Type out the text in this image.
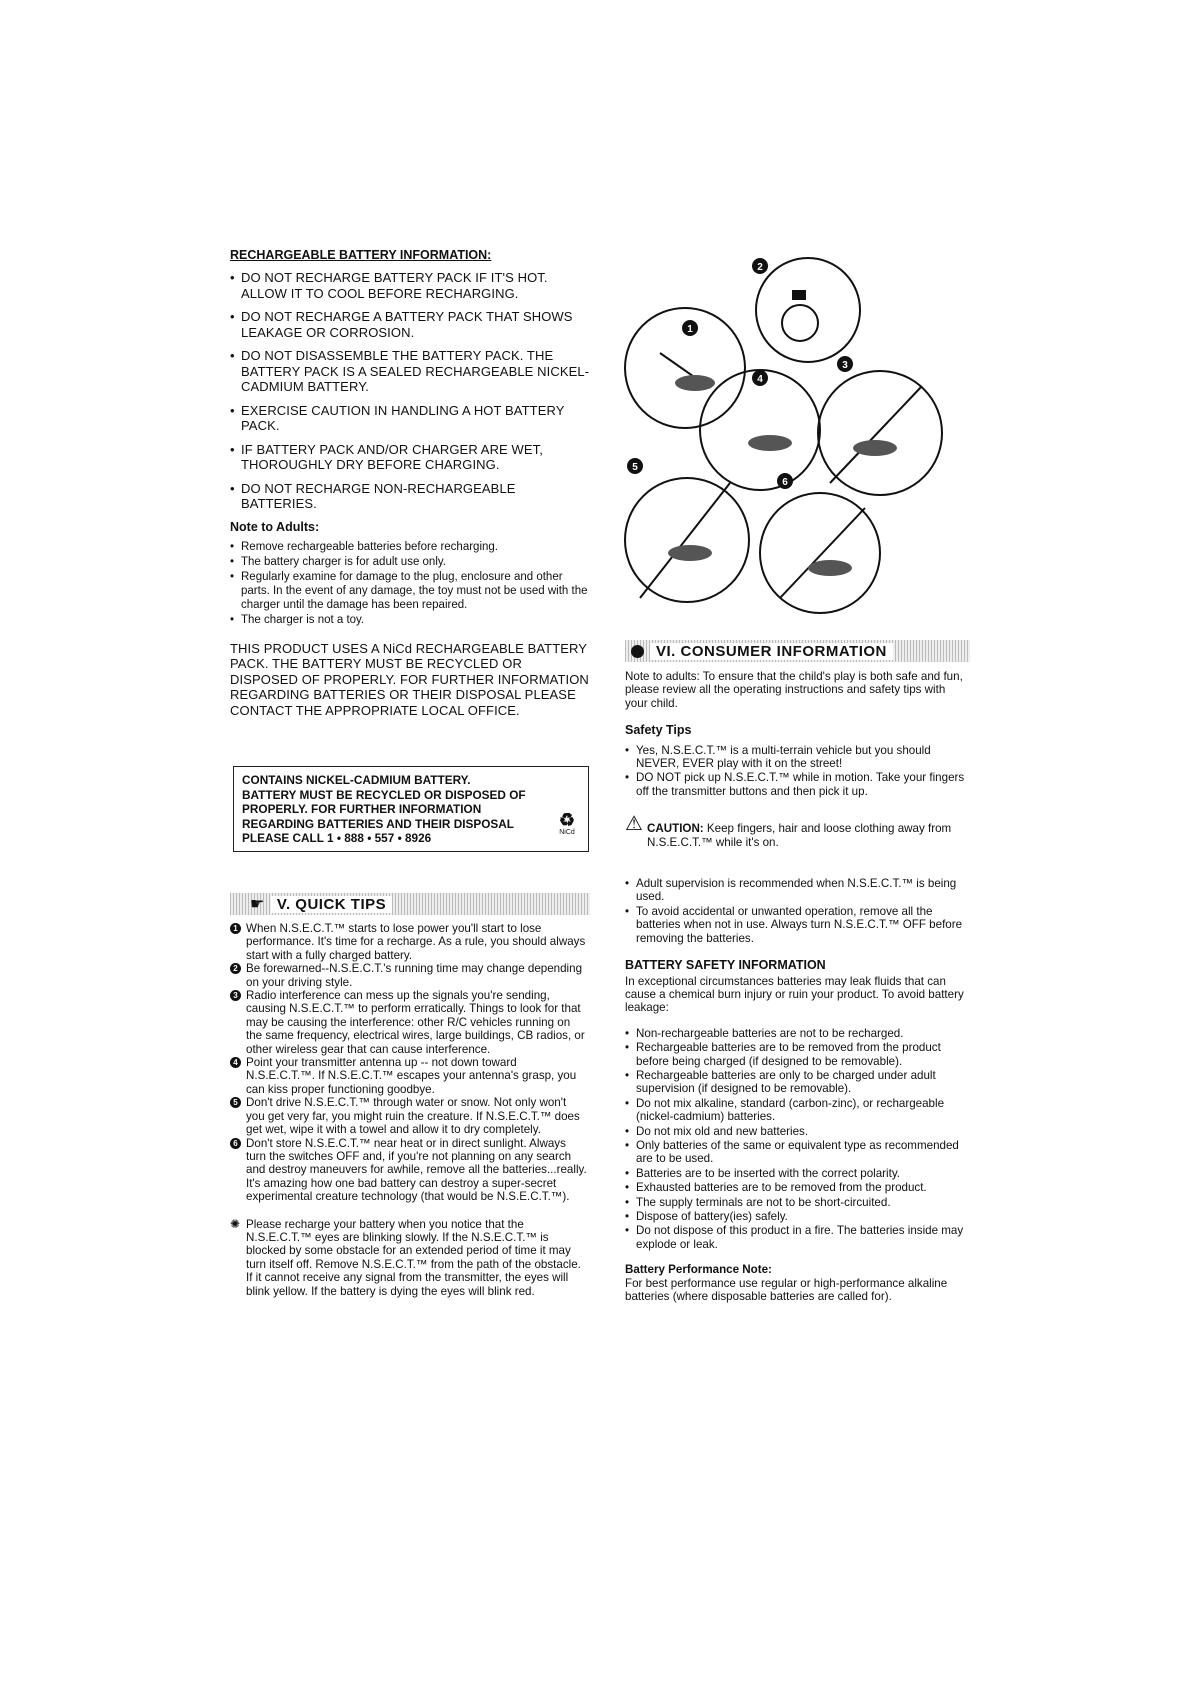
RECHARGEABLE BATTERY INFORMATION:
• DO NOT RECHARGE BATTERY PACK IF IT'S HOT. ALLOW IT TO COOL BEFORE RECHARGING.
• DO NOT RECHARGE A BATTERY PACK THAT SHOWS LEAKAGE OR CORROSION.
• DO NOT DISASSEMBLE THE BATTERY PACK. THE BATTERY PACK IS A SEALED RECHARGEABLE NICKEL-CADMIUM BATTERY.
• EXERCISE CAUTION IN HANDLING A HOT BATTERY PACK.
• IF BATTERY PACK AND/OR CHARGER ARE WET, THOROUGHLY DRY BEFORE CHARGING.
• DO NOT RECHARGE NON-RECHARGEABLE BATTERIES.
Note to Adults:
• Remove rechargeable batteries before recharging.
• The battery charger is for adult use only.
• Regularly examine for damage to the plug, enclosure and other parts. In the event of any damage, the toy must not be used with the charger until the damage has been repaired.
• The charger is not a toy.

THIS PRODUCT USES A NiCd RECHARGEABLE BATTERY PACK. THE BATTERY MUST BE RECYCLED OR DISPOSED OF PROPERLY. FOR FURTHER INFORMATION REGARDING BATTERIES OR THEIR DISPOSAL PLEASE CONTACT THE APPROPRIATE LOCAL OFFICE.

CONTAINS NICKEL-CADMIUM BATTERY.
BATTERY MUST BE RECYCLED OR DISPOSED OF
PROPERLY. FOR FURTHER INFORMATION
REGARDING BATTERIES AND THEIR DISPOSAL
PLEASE CALL 1 • 888 • 557 • 8926
♻
NiCd
☛ V. QUICK TIPS
1 When N.S.E.C.T.™ starts to lose power you'll start to lose performance. It's time for a recharge. As a rule, you should always start with a fully charged battery.
2 Be forewarned--N.S.E.C.T.'s running time may change depending on your driving style.
3 Radio interference can mess up the signals you're sending, causing N.S.E.C.T.™ to perform erratically. Things to look for that may be causing the interference: other R/C vehicles running on the same frequency, electrical wires, large buildings, CB radios, or other wireless gear that can cause interference.
4 Point your transmitter antenna up -- not down toward N.S.E.C.T.™. If N.S.E.C.T.™ escapes your antenna's grasp, you can kiss proper functioning goodbye.
5 Don't drive N.S.E.C.T.™ through water or snow. Not only won't you get very far, you might ruin the creature. If N.S.E.C.T.™ does get wet, wipe it with a towel and allow it to dry completely.
6 Don't store N.S.E.C.T.™ near heat or in direct sunlight. Always turn the switches OFF and, if you're not planning on any search and destroy maneuvers for awhile, remove all the batteries...really. It's amazing how one bad battery can destroy a super-secret experimental creature technology (that would be N.S.E.C.T.™).
✺ Please recharge your battery when you notice that the N.S.E.C.T.™ eyes are blinking slowly. If the N.S.E.C.T.™ is blocked by some obstacle for an extended period of time it may turn itself off. Remove N.S.E.C.T.™ from the path of the obstacle. If it cannot receive any signal from the transmitter, the eyes will blink yellow. If the battery is dying the eyes will blink red.
1
2
3
4
5
6
VI. CONSUMER INFORMATION

Note to adults: To ensure that the child's play is both safe and fun, please review all the operating instructions and safety tips with your child.

Safety Tips
• Yes, N.S.E.C.T.™ is a multi-terrain vehicle but you should NEVER, EVER play with it on the street!
• DO NOT pick up N.S.E.C.T.™ while in motion. Take your fingers off the transmitter buttons and then pick it up.
⚠ CAUTION: Keep fingers, hair and loose clothing away from N.S.E.C.T.™ while it's on.
• Adult supervision is recommended when N.S.E.C.T.™ is being used.
• To avoid accidental or unwanted operation, remove all the batteries when not in use. Always turn N.S.E.C.T.™ OFF before removing the batteries.
BATTERY SAFETY INFORMATION

In exceptional circumstances batteries may leak fluids that can cause a chemical burn injury or ruin your product. To avoid battery leakage:

• Non-rechargeable batteries are not to be recharged.
• Rechargeable batteries are to be removed from the product before being charged (if designed to be removable).
• Rechargeable batteries are only to be charged under adult supervision (if designed to be removable).
• Do not mix alkaline, standard (carbon-zinc), or rechargeable (nickel-cadmium) batteries.
• Do not mix old and new batteries.
• Only batteries of the same or equivalent type as recommended are to be used.
• Batteries are to be inserted with the correct polarity.
• Exhausted batteries are to be removed from the product.
• The supply terminals are not to be short-circuited.
• Dispose of battery(ies) safely.
• Do not dispose of this product in a fire. The batteries inside may explode or leak.
Battery Performance Note:

For best performance use regular or high-performance alkaline batteries (where disposable batteries are called for).
